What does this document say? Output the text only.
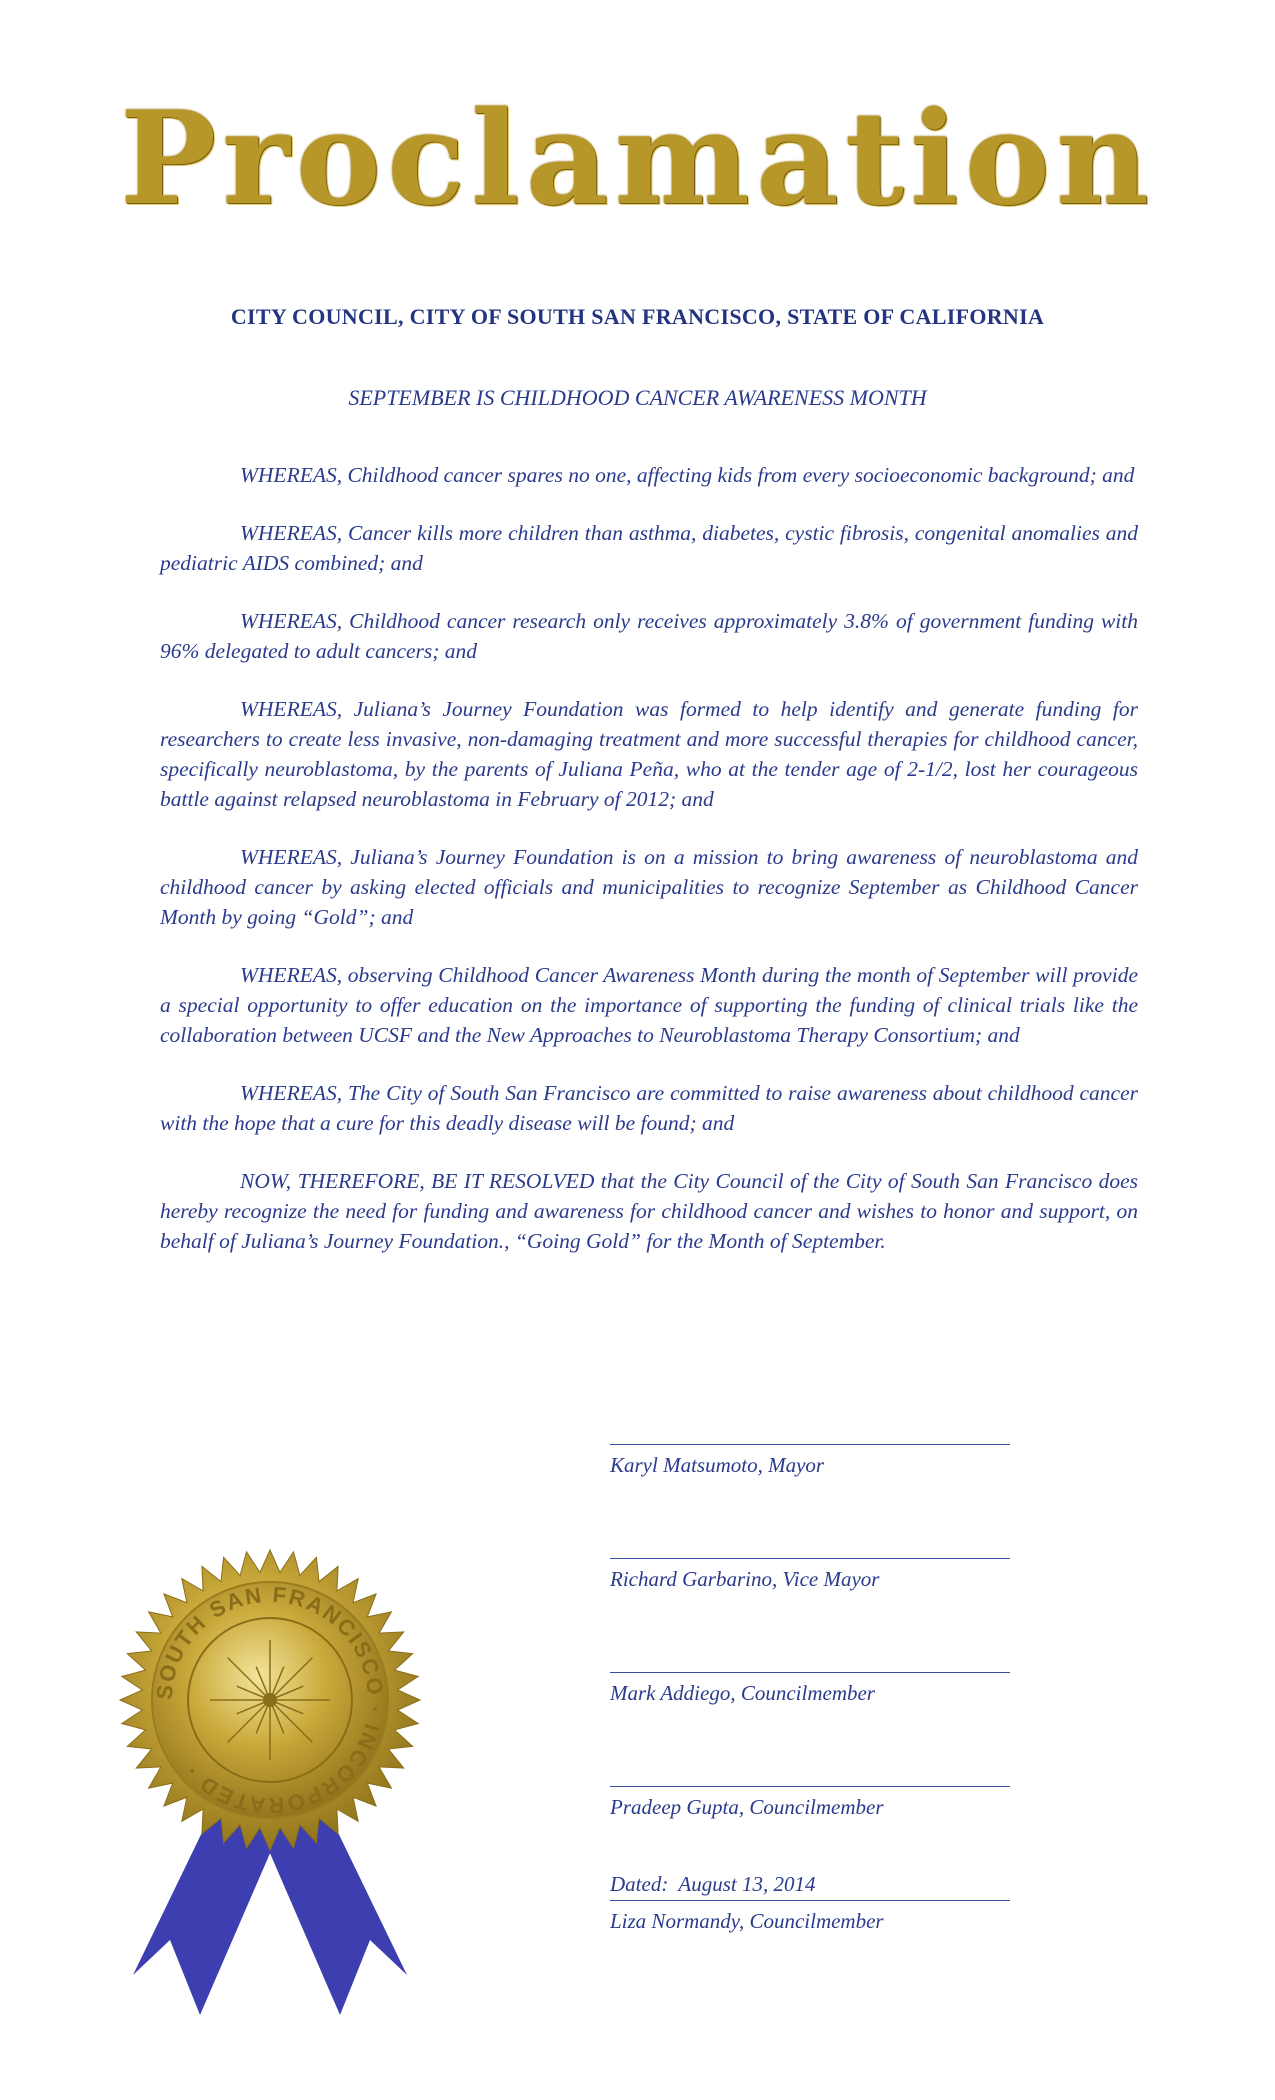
Proclamation
CITY COUNCIL, CITY OF SOUTH SAN FRANCISCO, STATE OF CALIFORNIA
SEPTEMBER IS CHILDHOOD CANCER AWARENESS MONTH

WHEREAS, Childhood cancer spares no one, affecting kids from every socioeconomic background; and

WHEREAS, Cancer kills more children than asthma, diabetes, cystic fibrosis, congenital anomalies and pediatric AIDS combined; and

WHEREAS, Childhood cancer research only receives approximately 3.8% of government funding with 96% delegated to adult cancers; and

WHEREAS, Juliana’s Journey Foundation was formed to help identify and generate funding for researchers to create less invasive, non-damaging treatment and more successful therapies for childhood cancer, specifically neuroblastoma, by the parents of Juliana Peña, who at the tender age of 2-1/2, lost her courageous battle against relapsed neuroblastoma in February of 2012; and

WHEREAS, Juliana’s Journey Foundation is on a mission to bring awareness of neuroblastoma and childhood cancer by asking elected officials and municipalities to recognize September as Childhood Cancer Month by going “Gold”; and

WHEREAS, observing Childhood Cancer Awareness Month during the month of September will provide a special opportunity to offer education on the importance of supporting the funding of clinical trials like the collaboration between UCSF and the New Approaches to Neuroblastoma Therapy Consortium; and

WHEREAS, The City of South San Francisco are committed to raise awareness about childhood cancer with the hope that a cure for this deadly disease will be found; and

NOW, THEREFORE, BE IT RESOLVED that the City Council of the City of South San Francisco does hereby recognize the need for funding and awareness for childhood cancer and wishes to honor and support, on behalf of Juliana’s Journey Foundation., “Going Gold” for the Month of September.

Karyl Matsumoto, Mayor
Richard Garbarino, Vice Mayor
Mark Addiego, Councilmember
Pradeep Gupta, Councilmember
Liza Normandy, Councilmember
Dated:  August 13, 2014
SOUTH SAN FRANCISCO · INCORPORATED ·
